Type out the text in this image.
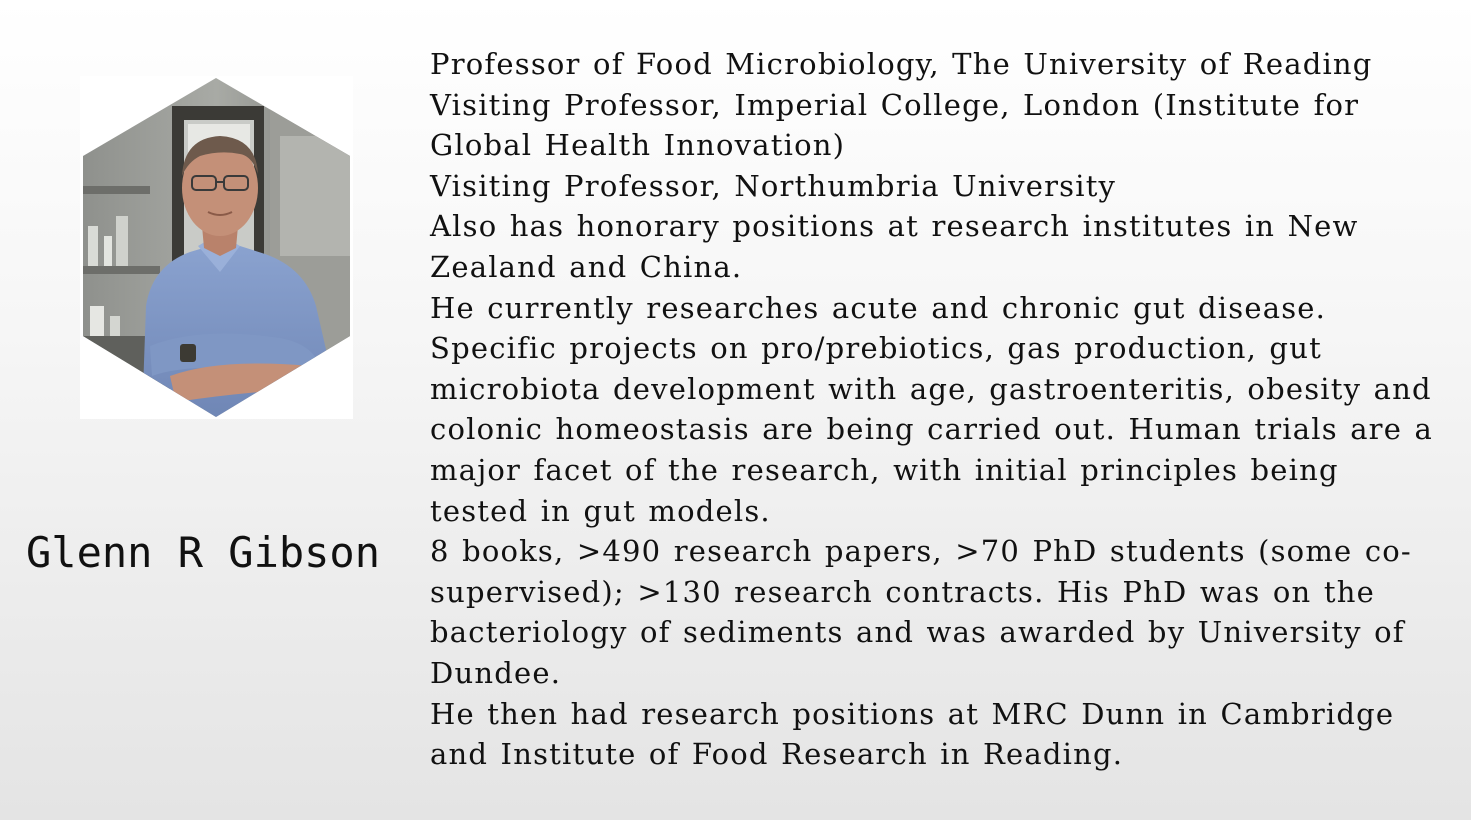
Glenn R Gibson

Professor of Food Microbiology, The University of Reading

Visiting Professor, Imperial College, London (Institute for Global Health Innovation)

Visiting Professor, Northumbria University

Also has honorary positions at research institutes in New Zealand and China.

He currently researches acute and chronic gut disease. Specific projects on pro/prebiotics, gas production, gut microbiota development with age, gastroenteritis, obesity and colonic homeostasis are being carried out. Human trials are a major facet of the research, with initial principles being tested in gut models.

8 books, >490 research papers, >70 PhD students (some co-supervised); >130 research contracts. His PhD was on the bacteriology of sediments and was awarded by University of Dundee.

He then had research positions at MRC Dunn in Cambridge and Institute of Food Research in Reading.
